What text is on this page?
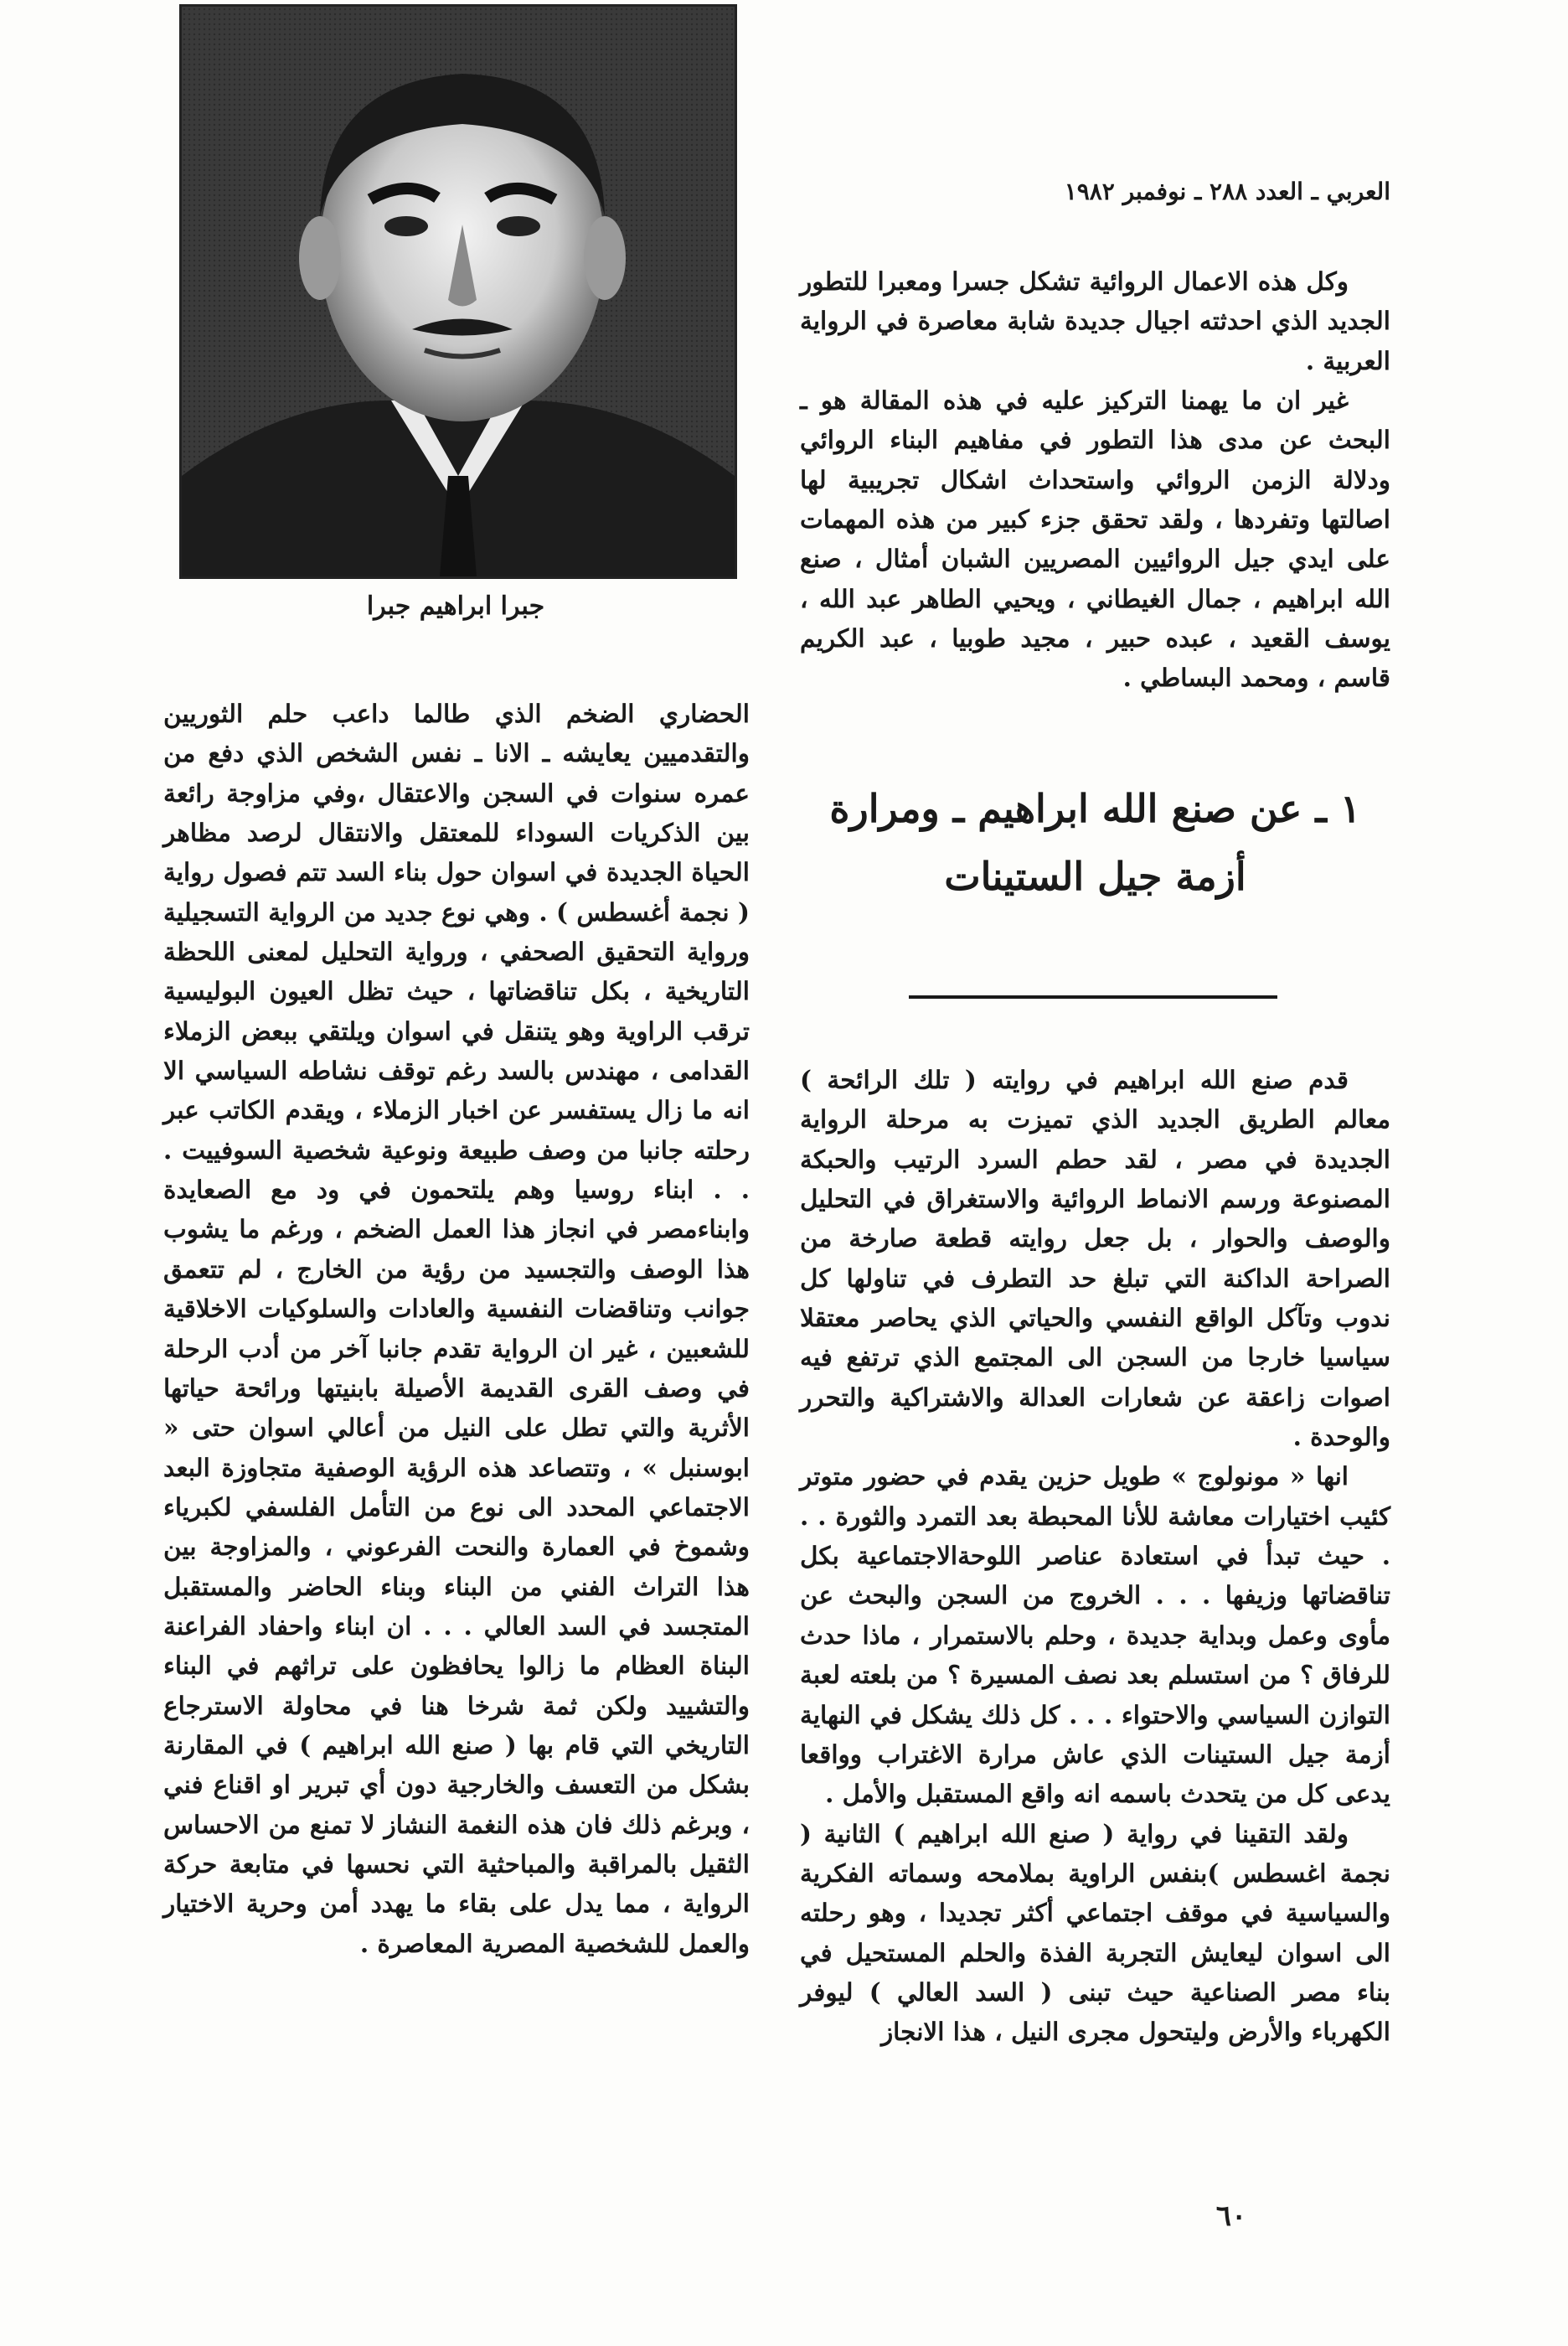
العربي ـ العدد ٢٨٨ ـ نوفمبر ١٩٨٢
جبرا ابراهيم جبرا

وكل هذه الاعمال الروائية تشكل جسرا ومعبرا للتطور الجديد الذي احدثته اجيال جديدة شابة معاصرة في الرواية العربية .

غير ان ما يهمنا التركيز عليه في هذه المقالة هو ـ البحث عن مدى هذا التطور في مفاهيم البناء الروائي ودلالة الزمن الروائي واستحداث اشكال تجريبية لها اصالتها وتفردها ، ولقد تحقق جزء كبير من هذه المهمات على ايدي جيل الروائيين المصريين الشبان أمثال ، صنع الله ابراهيم ، جمال الغيطاني ، ويحيي الطاهر عبد الله ، يوسف القعيد ، عبده حبير ، مجيد طوبيا ، عبد الكريم قاسم ، ومحمد البساطي .

١ ـ عن صنع الله ابراهيم ـ ومرارة أزمة جيل الستينات

قدم صنع الله ابراهيم في روايته ( تلك الرائحة ) معالم الطريق الجديد الذي تميزت به مرحلة الرواية الجديدة في مصر ، لقد حطم السرد الرتيب والحبكة المصنوعة ورسم الانماط الروائية والاستغراق في التحليل والوصف والحوار ، بل جعل روايته قطعة صارخة من الصراحة الداكنة التي تبلغ حد التطرف في تناولها كل ندوب وتآكل الواقع النفسي والحياتي الذي يحاصر معتقلا سياسيا خارجا من السجن الى المجتمع الذي ترتفع فيه اصوات زاعقة عن شعارات العدالة والاشتراكية والتحرر والوحدة .

انها « مونولوج » طويل حزين يقدم في حضور متوتر كئيب اختيارات معاشة للأنا المحبطة بعد التمرد والثورة . . . حيث تبدأ في استعادة عناصر اللوحةالاجتماعية بكل تناقضاتها وزيفها . . . الخروج من السجن والبحث عن مأوى وعمل وبداية جديدة ، وحلم بالاستمرار ، ماذا حدث للرفاق ؟ من استسلم بعد نصف المسيرة ؟ من بلعته لعبة التوازن السياسي والاحتواء . . . كل ذلك يشكل في النهاية أزمة جيل الستينات الذي عاش مرارة الاغتراب وواقعا يدعى كل من يتحدث باسمه انه واقع المستقبل والأمل .

ولقد التقينا في رواية ( صنع الله ابراهيم ) الثانية ( نجمة اغسطس )بنفس الراوية بملامحه وسماته الفكرية والسياسية في موقف اجتماعي أكثر تجديدا ، وهو رحلته الى اسوان ليعايش التجربة الفذة والحلم المستحيل في بناء مصر الصناعية حيث تبنى ( السد العالي ) ليوفر الكهرباء والأرض وليتحول مجرى النيل ، هذا الانجاز

الحضاري الضخم الذي طالما داعب حلم الثوريين والتقدميين يعايشه ـ الانا ـ نفس الشخص الذي دفع من عمره سنوات في السجن والاعتقال ،وفي مزاوجة رائعة بين الذكريات السوداء للمعتقل والانتقال لرصد مظاهر الحياة الجديدة في اسوان حول بناء السد تتم فصول رواية ( نجمة أغسطس ) . وهي نوع جديد من الرواية التسجيلية ورواية التحقيق الصحفي ، ورواية التحليل لمعنى اللحظة التاريخية ، بكل تناقضاتها ، حيث تظل العيون البوليسية ترقب الراوية وهو يتنقل في اسوان ويلتقي ببعض الزملاء القدامى ، مهندس بالسد رغم توقف نشاطه السياسي الا انه ما زال يستفسر عن اخبار الزملاء ، ويقدم الكاتب عبر رحلته جانبا من وصف طبيعة ونوعية شخصية السوفييت . . . ابناء روسيا وهم يلتحمون في ود مع الصعايدة وابناءمصر في انجاز هذا العمل الضخم ، ورغم ما يشوب هذا الوصف والتجسيد من رؤية من الخارج ، لم تتعمق جوانب وتناقضات النفسية والعادات والسلوكيات الاخلاقية للشعبين ، غير ان الرواية تقدم جانبا آخر من أدب الرحلة في وصف القرى القديمة الأصيلة بابنيتها ورائحة حياتها الأثرية والتي تطل على النيل من أعالي اسوان حتى « ابوسنبل » ، وتتصاعد هذه الرؤية الوصفية متجاوزة البعد الاجتماعي المحدد الى نوع من التأمل الفلسفي لكبرياء وشموخ في العمارة والنحت الفرعوني ، والمزاوجة بين هذا التراث الفني من البناء وبناء الحاضر والمستقبل المتجسد في السد العالي . . . ان ابناء واحفاد الفراعنة البناة العظام ما زالوا يحافظون على تراثهم في البناء والتشييد ولكن ثمة شرخا هنا في محاولة الاسترجاع التاريخي التي قام بها ( صنع الله ابراهيم ) في المقارنة بشكل من التعسف والخارجية دون أي تبرير او اقناع فني ، وبرغم ذلك فان هذه النغمة النشاز لا تمنع من الاحساس الثقيل بالمراقبة والمباحثية التي نحسها في متابعة حركة الرواية ، مما يدل على بقاء ما يهدد أمن وحرية الاختيار والعمل للشخصية المصرية المعاصرة .

٦٠
